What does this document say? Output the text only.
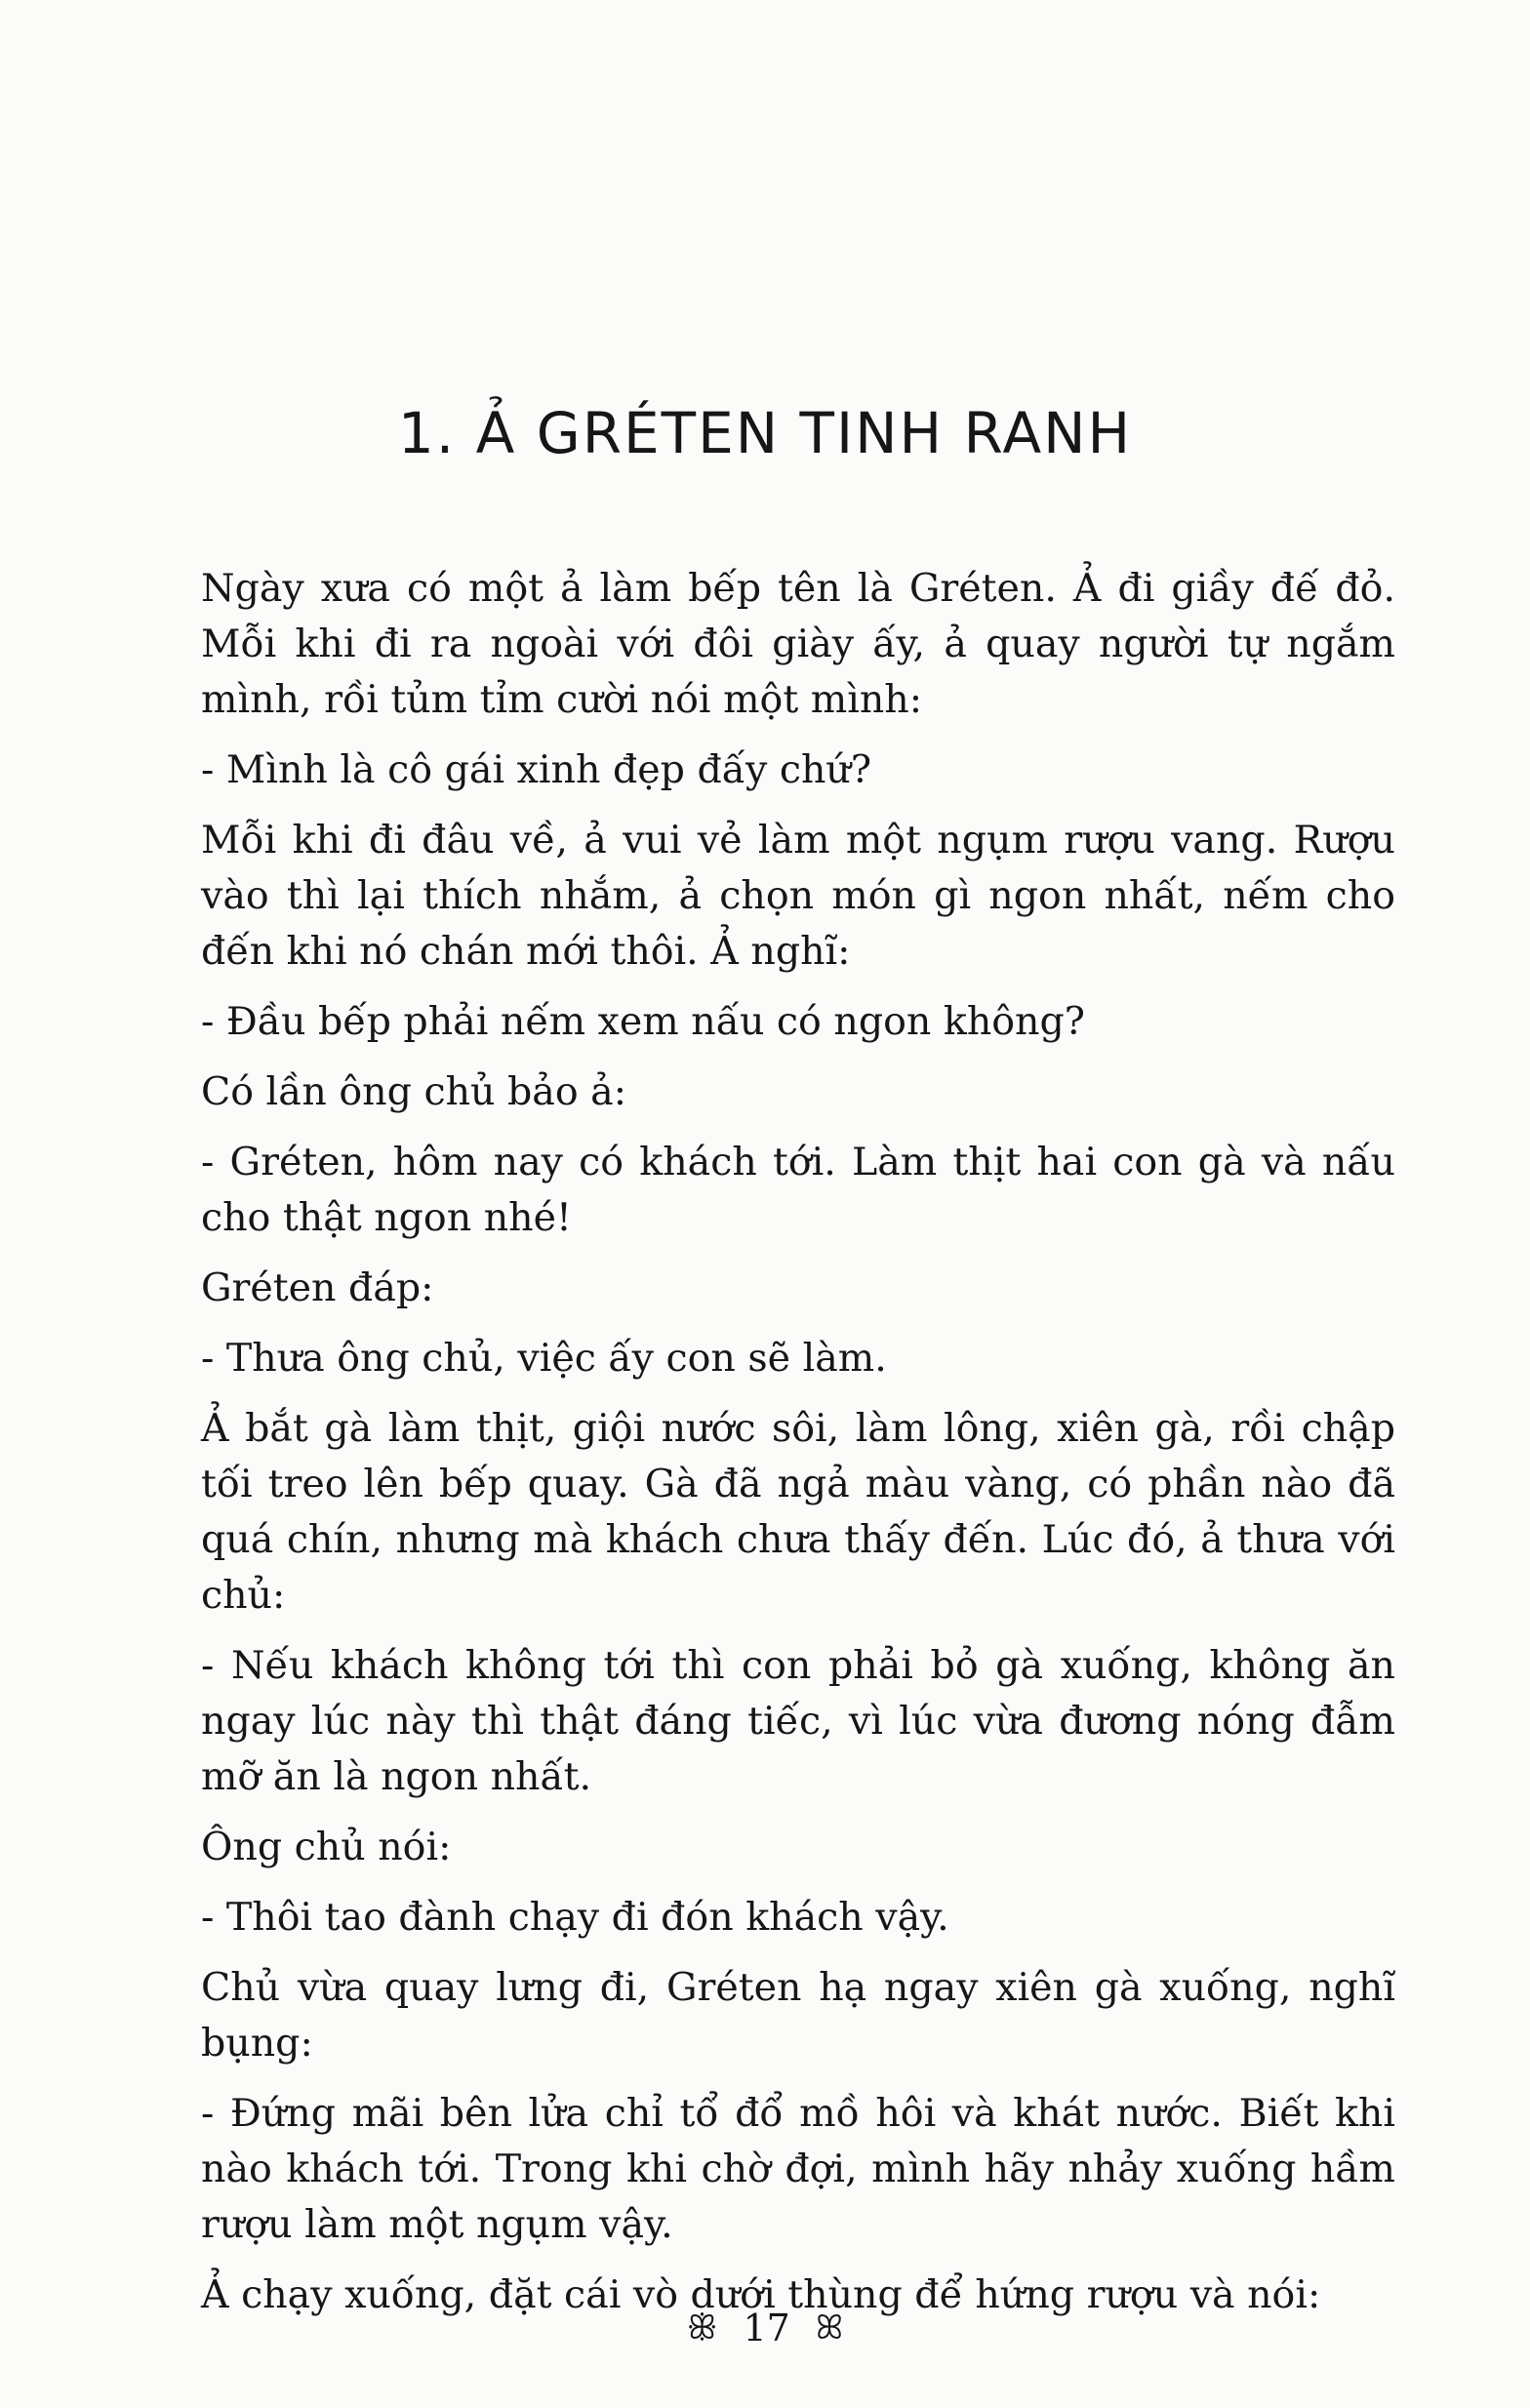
1. Ả GRÉTEN TINH RANH

Ngày xưa có một ả làm bếp tên là Gréten. Ả đi giầy đế đỏ. Mỗi khi đi ra ngoài với đôi giày ấy, ả quay người tự ngắm mình, rồi tủm tỉm cười nói một mình:

- Mình là cô gái xinh đẹp đấy chứ?

Mỗi khi đi đâu về, ả vui vẻ làm một ngụm rượu vang. Rượu vào thì lại thích nhắm, ả chọn món gì ngon nhất, nếm cho đến khi nó chán mới thôi. Ả nghĩ:

- Đầu bếp phải nếm xem nấu có ngon không?

Có lần ông chủ bảo ả:

- Gréten, hôm nay có khách tới. Làm thịt hai con gà và nấu cho thật ngon nhé!

Gréten đáp:

- Thưa ông chủ, việc ấy con sẽ làm.

Ả bắt gà làm thịt, giội nước sôi, làm lông, xiên gà, rồi chập tối treo lên bếp quay. Gà đã ngả màu vàng, có phần nào đã quá chín, nhưng mà khách chưa thấy đến. Lúc đó, ả thưa với chủ:

- Nếu khách không tới thì con phải bỏ gà xuống, không ăn ngay lúc này thì thật đáng tiếc, vì lúc vừa đương nóng đẫm mỡ ăn là ngon nhất.

Ông chủ nói:

- Thôi tao đành chạy đi đón khách vậy.

Chủ vừa quay lưng đi, Gréten hạ ngay xiên gà xuống, nghĩ bụng:

- Đứng mãi bên lửa chỉ tổ đổ mồ hôi và khát nước. Biết khi nào khách tới. Trong khi chờ đợi, mình hãy nhảy xuống hầm rượu làm một ngụm vậy.

Ả chạy xuống, đặt cái vò dưới thùng để hứng rượu và nói:

ꕥ 17 ꕤ
